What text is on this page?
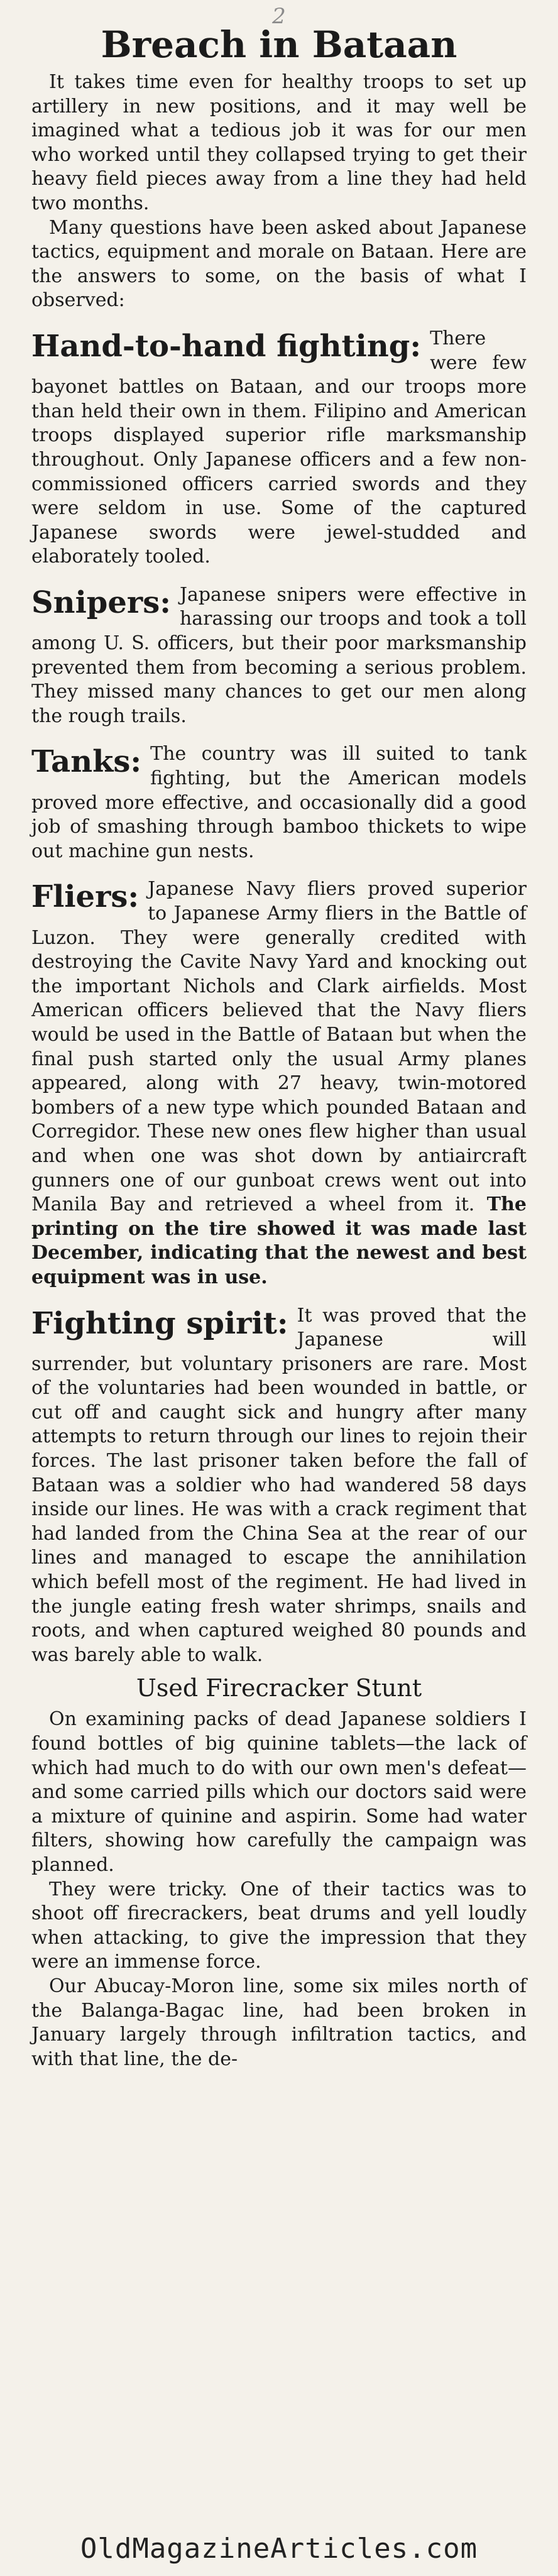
2
Breach in Bataan

It takes time even for healthy troops to set up artillery in new positions, and it may well be imagined what a tedious job it was for our men who worked until they collapsed trying to get their heavy field pieces away from a line they had held two months.

Many questions have been asked about Japanese tactics, equipment and morale on Bataan. Here are the answers to some, on the basis of what I observed:

Hand-to-hand fighting: There were few bayonet battles on Bataan, and our troops more than held their own in them. Filipino and American troops displayed superior rifle marksmanship throughout. Only Japanese officers and a few non-commissioned officers carried swords and they were seldom in use. Some of the captured Japanese swords were jewel-studded and elaborately tooled.

Snipers: Japanese snipers were effective in harassing our troops and took a toll among U. S. officers, but their poor marksmanship prevented them from becoming a serious problem. They missed many chances to get our men along the rough trails.

Tanks: The country was ill suited to tank fighting, but the American models proved more effective, and occasionally did a good job of smashing through bamboo thickets to wipe out machine gun nests.

Fliers: Japanese Navy fliers proved superior to Japanese Army fliers in the Battle of Luzon. They were generally credited with destroying the Cavite Navy Yard and knocking out the important Nichols and Clark airfields. Most American officers believed that the Navy fliers would be used in the Battle of Bataan but when the final push started only the usual Army planes appeared, along with 27 heavy, twin-motored bombers of a new type which pounded Bataan and Corregidor. These new ones flew higher than usual and when one was shot down by antiaircraft gunners one of our gunboat crews went out into Manila Bay and retrieved a wheel from it. The printing on the tire showed it was made last December, indicating that the newest and best equipment was in use.

Fighting spirit: It was proved that the Japanese will surrender, but voluntary prisoners are rare. Most of the voluntaries had been wounded in battle, or cut off and caught sick and hungry after many attempts to return through our lines to rejoin their forces. The last prisoner taken before the fall of Bataan was a soldier who had wandered 58 days inside our lines. He was with a crack regiment that had landed from the China Sea at the rear of our lines and managed to escape the annihilation which befell most of the regiment. He had lived in the jungle eating fresh water shrimps, snails and roots, and when captured weighed 80 pounds and was barely able to walk.

Used Firecracker Stunt

On examining packs of dead Japanese soldiers I found bottles of big quinine tablets—the lack of which had much to do with our own men's defeat—and some carried pills which our doctors said were a mixture of quinine and aspirin. Some had water filters, showing how carefully the campaign was planned.

They were tricky. One of their tactics was to shoot off firecrackers, beat drums and yell loudly when attacking, to give the impression that they were an immense force.

Our Abucay-Moron line, some six miles north of the Balanga-Bagac line, had been broken in January largely through infiltration tactics, and with that line, the de-

OldMagazineArticles.com
